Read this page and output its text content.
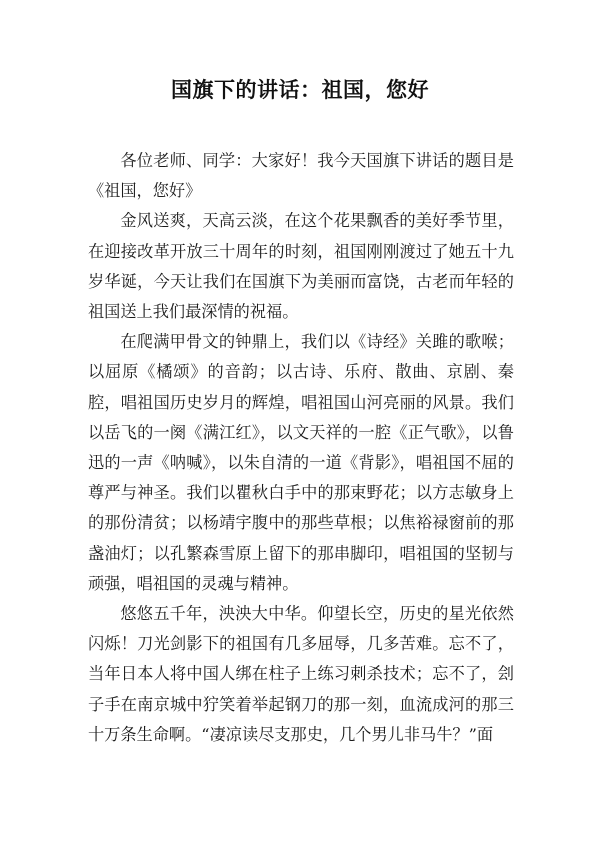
国旗下的讲话：祖国，您好

各位老师、同学：大家好！我今天国旗下讲话的题目是《祖国，您好》

金风送爽，天高云淡，在这个花果飘香的美好季节里，在迎接改革开放三十周年的时刻，祖国刚刚渡过了她五十九岁华诞，今天让我们在国旗下为美丽而富饶，古老而年轻的祖国送上我们最深情的祝福。

在爬满甲骨文的钟鼎上，我们以《诗经》关雎的歌喉；以屈原《橘颂》的音韵；以古诗、乐府、散曲、京剧、秦腔，唱祖国历史岁月的辉煌，唱祖国山河亮丽的风景。我们以岳飞的一阕《满江红》，以文天祥的一腔《正气歌》，以鲁迅的一声《呐喊》，以朱自清的一道《背影》，唱祖国不屈的尊严与神圣。我们以瞿秋白手中的那束野花；以方志敏身上的那份清贫；以杨靖宇腹中的那些草根；以焦裕禄窗前的那盏油灯；以孔繁森雪原上留下的那串脚印，唱祖国的坚韧与顽强，唱祖国的灵魂与精神。

悠悠五千年，泱泱大中华。仰望长空，历史的星光依然闪烁！刀光剑影下的祖国有几多屈辱，几多苦难。忘不了，当年日本人将中国人绑在柱子上练习刺杀技术；忘不了，刽子手在南京城中狞笑着举起钢刀的那一刻，血流成河的那三十万条生命啊。“凄凉读尽支那史，几个男儿非马牛？”面
